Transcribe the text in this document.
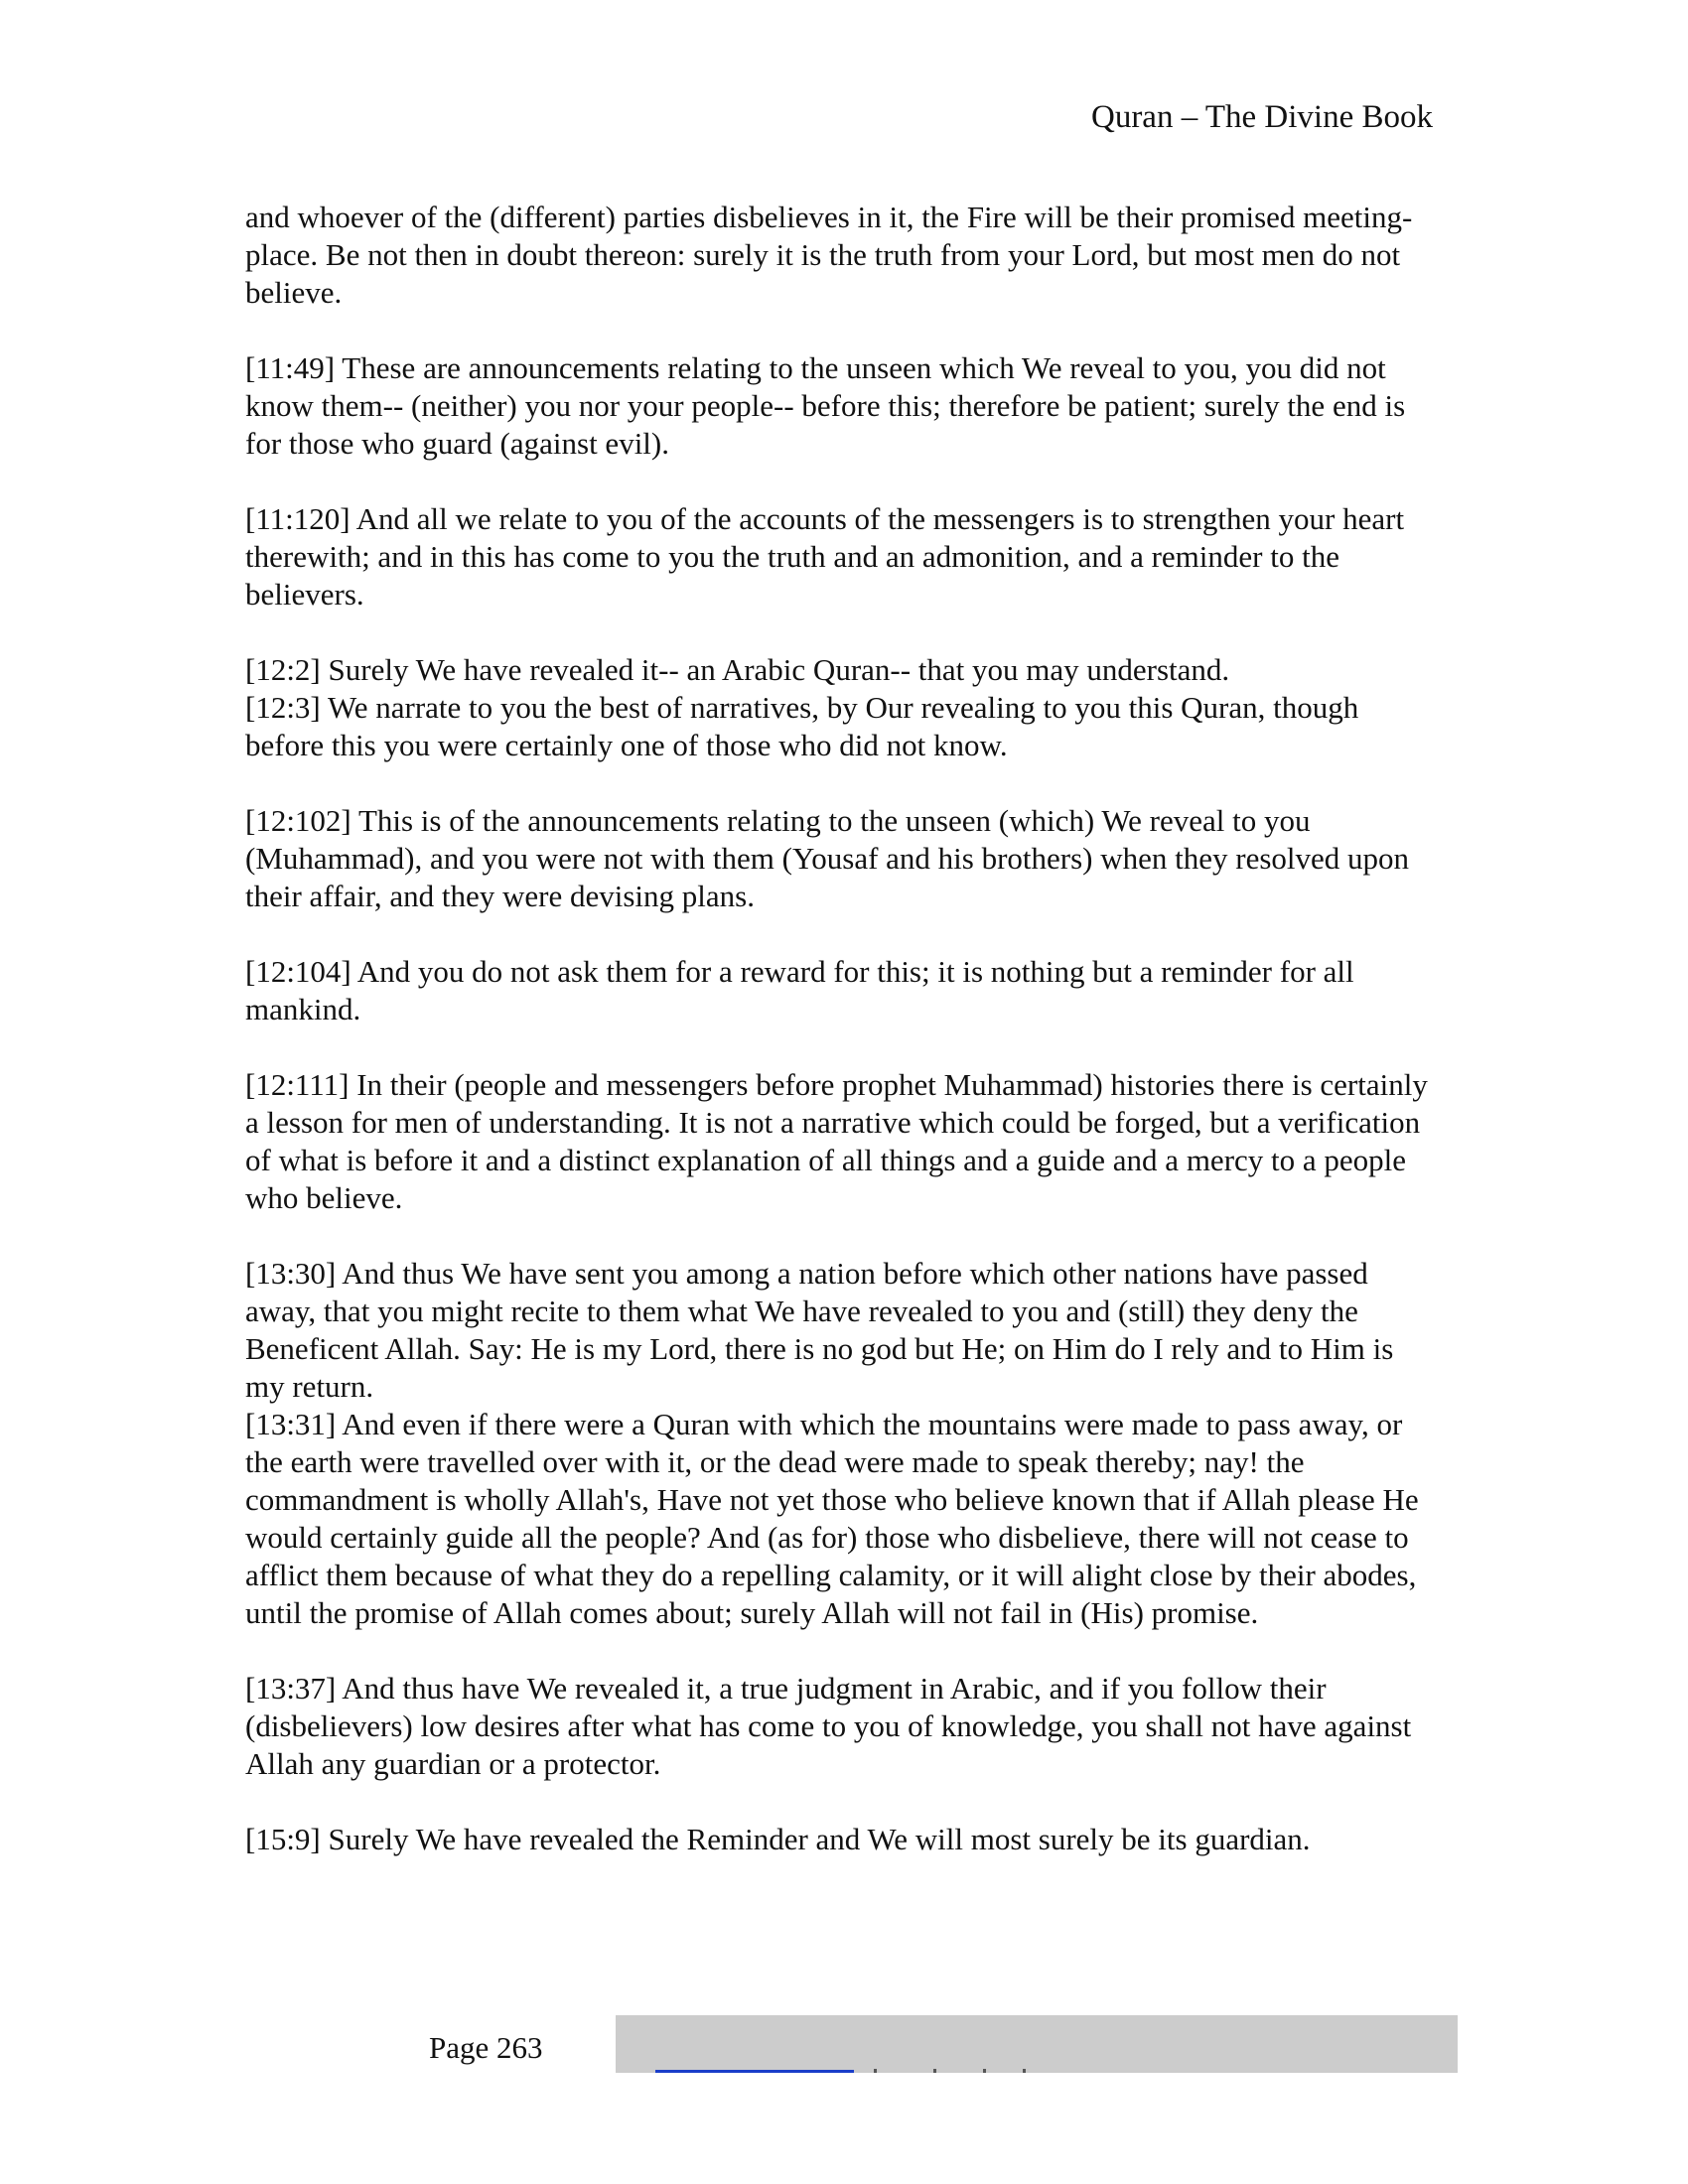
Quran – The Divine Book

and whoever of the (different) parties disbelieves in it, the Fire will be their promised meeting-place. Be not then in doubt thereon: surely it is the truth from your Lord, but most men do not believe.

[11:49] These are announcements relating to the unseen which We reveal to you, you did not know them-- (neither) you nor your people-- before this; therefore be patient; surely the end is for those who guard (against evil).

[11:120] And all we relate to you of the accounts of the messengers is to strengthen your heart therewith; and in this has come to you the truth and an admonition, and a reminder to the believers.

[12:2] Surely We have revealed it-- an Arabic Quran-- that you may understand.
[12:3] We narrate to you the best of narratives, by Our revealing to you this Quran, though before this you were certainly one of those who did not know.

[12:102] This is of the announcements relating to the unseen (which) We reveal to you (Muhammad), and you were not with them (Yousaf and his brothers) when they resolved upon their affair, and they were devising plans.

[12:104] And you do not ask them for a reward for this; it is nothing but a reminder for all mankind.

[12:111] In their (people and messengers before prophet Muhammad) histories there is certainly a lesson for men of understanding. It is not a narrative which could be forged, but a verification of what is before it and a distinct explanation of all things and a guide and a mercy to a people who believe.

[13:30] And thus We have sent you among a nation before which other nations have passed away, that you might recite to them what We have revealed to you and (still) they deny the Beneficent Allah. Say: He is my Lord, there is no god but He; on Him do I rely and to Him is my return.
[13:31] And even if there were a Quran with which the mountains were made to pass away, or the earth were travelled over with it, or the dead were made to speak thereby; nay! the commandment is wholly Allah's, Have not yet those who believe known that if Allah please He would certainly guide all the people? And (as for) those who disbelieve, there will not cease to afflict them because of what they do a repelling calamity, or it will alight close by their abodes, until the promise of Allah comes about; surely Allah will not fail in (His) promise.

[13:37] And thus have We revealed it, a true judgment in Arabic, and if you follow their (disbelievers) low desires after what has come to you of knowledge, you shall not have against Allah any guardian or a protector.

[15:9] Surely We have revealed the Reminder and We will most surely be its guardian.

Page 263
